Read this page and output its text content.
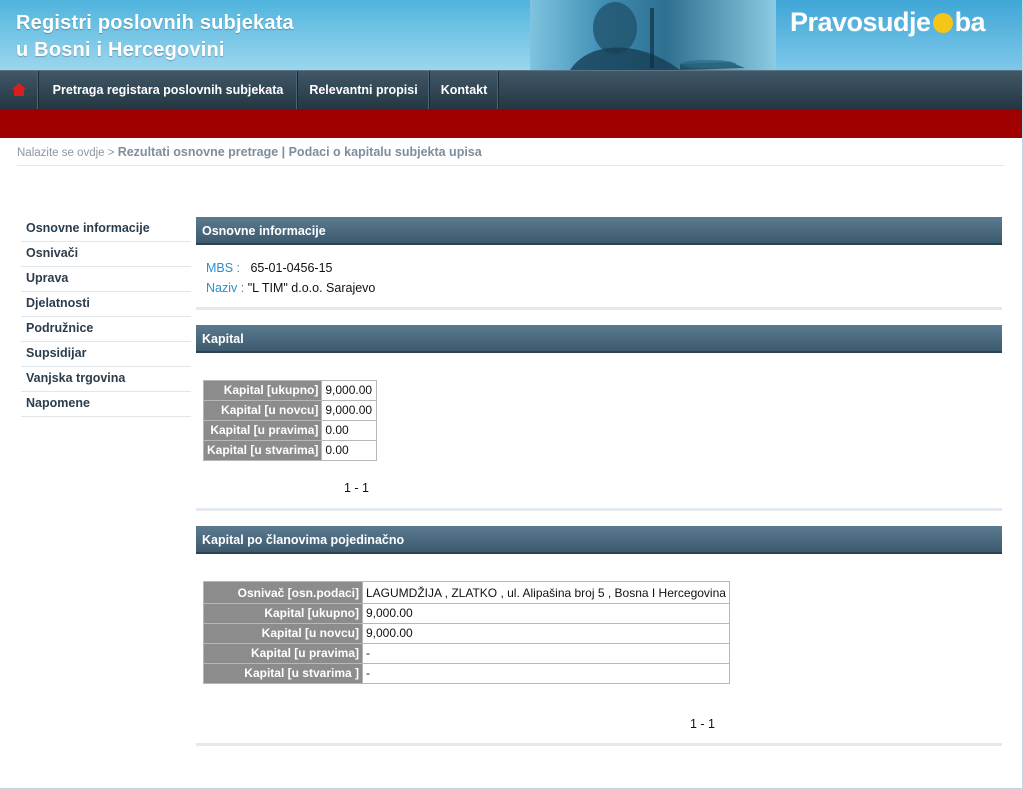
Registri poslovnih subjekata
u Bosni i Hercegovini
Pravosudje ba
Pretraga registara poslovnih subjekata	Relevantni propisi	Kontakt
Nalazite se ovdje > Rezultati osnovne pretrage | Podaci o kapitalu subjekta upisa
Osnovne informacije
Osnivači
Uprava
Djelatnosti
Podružnice
Supsidijar
Vanjska trgovina
Napomene
Osnovne informacije
MBS : 65-01-0456-15
Naziv : "L TIM" d.o.o. Sarajevo
Kapital
Kapital [ukupno]	9,000.00
Kapital [u novcu]	9,000.00
Kapital [u pravima]	0.00
Kapital [u stvarima]	0.00
1 - 1
Kapital po članovima pojedinačno
Osnivač [osn.podaci]	LAGUMDŽIJA , ZLATKO , ul. Alipašina broj 5 , Bosna I Hercegovina
Kapital [ukupno]	9,000.00
Kapital [u novcu]	9,000.00
Kapital [u pravima]	-
Kapital [u stvarima ]	-
1 - 1
